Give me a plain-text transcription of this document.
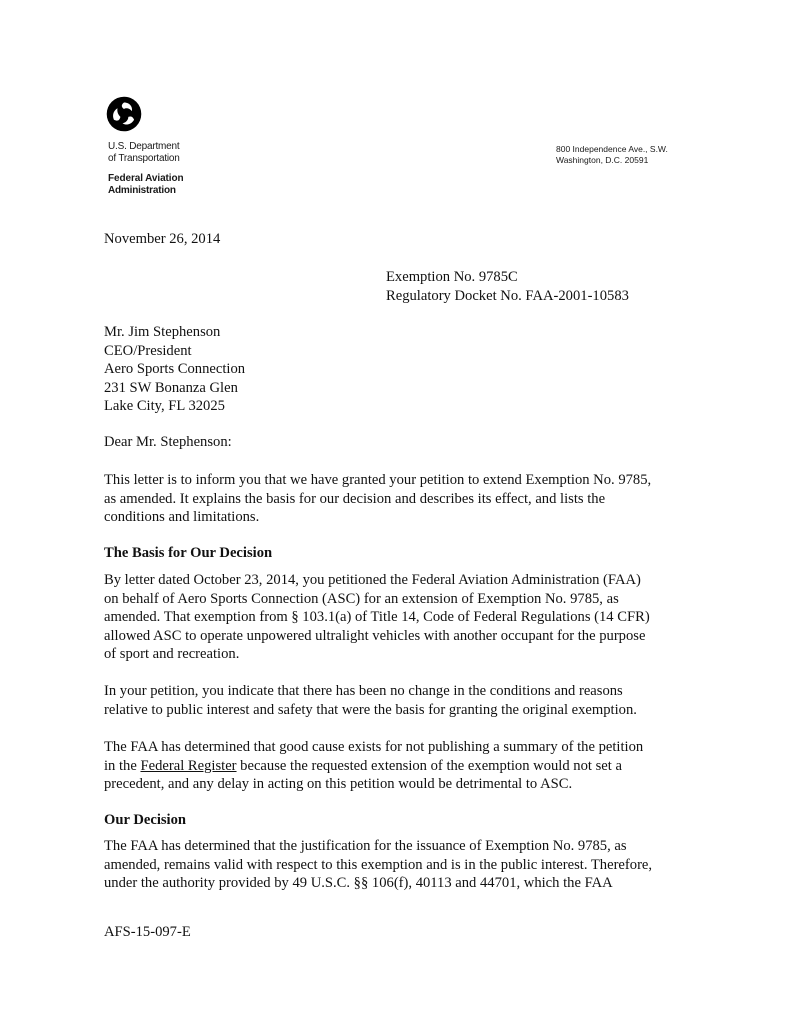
U.S. Department
of Transportation
Federal Aviation
Administration
800 Independence Ave., S.W.
Washington, D.C. 20591
November 26, 2014
Exemption No. 9785C
Regulatory Docket No. FAA-2001-10583
Mr. Jim Stephenson
CEO/President
Aero Sports Connection
231 SW Bonanza Glen
Lake City, FL 32025
Dear Mr. Stephenson:
This letter is to inform you that we have granted your petition to extend Exemption No. 9785,
as amended. It explains the basis for our decision and describes its effect, and lists the
conditions and limitations.
The Basis for Our Decision
By letter dated October 23, 2014, you petitioned the Federal Aviation Administration (FAA)
on behalf of Aero Sports Connection (ASC) for an extension of Exemption No. 9785, as
amended. That exemption from § 103.1(a) of Title 14, Code of Federal Regulations (14 CFR)
allowed ASC to operate unpowered ultralight vehicles with another occupant for the purpose
of sport and recreation.
In your petition, you indicate that there has been no change in the conditions and reasons
relative to public interest and safety that were the basis for granting the original exemption.
The FAA has determined that good cause exists for not publishing a summary of the petition
in the Federal Register because the requested extension of the exemption would not set a
precedent, and any delay in acting on this petition would be detrimental to ASC.
Our Decision
The FAA has determined that the justification for the issuance of Exemption No. 9785, as
amended, remains valid with respect to this exemption and is in the public interest. Therefore,
under the authority provided by 49 U.S.C. §§ 106(f), 40113 and 44701, which the FAA
AFS-15-097-E
